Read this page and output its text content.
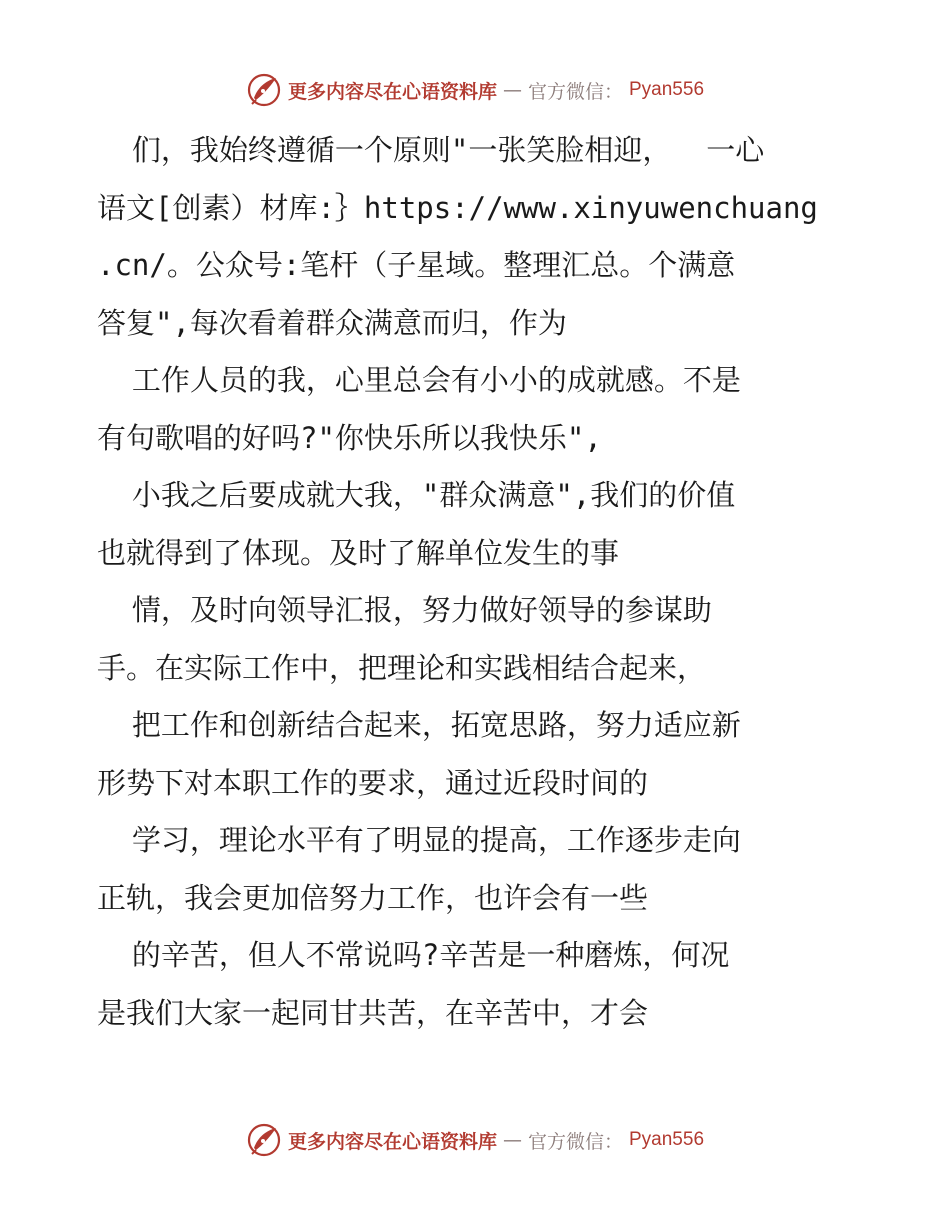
更多内容尽在心语资料库 — 官方微信： Pyan556
们，我始终遵循一个原则"一张笑脸相迎，  一心
语文[创素）材库:｝https://www.xinyuwenchuang
.cn/。公众号:笔杆（子星域。整理汇总。个满意
答复",每次看着群众满意而归，作为
工作人员的我，心里总会有小小的成就感。不是
有句歌唱的好吗?"你快乐所以我快乐",
小我之后要成就大我，"群众满意",我们的价值
也就得到了体现。及时了解单位发生的事
情，及时向领导汇报，努力做好领导的参谋助
手。在实际工作中，把理论和实践相结合起来，
把工作和创新结合起来，拓宽思路，努力适应新
形势下对本职工作的要求，通过近段时间的
学习，理论水平有了明显的提高，工作逐步走向
正轨，我会更加倍努力工作，也许会有一些
的辛苦，但人不常说吗?辛苦是一种磨炼，何况
是我们大家一起同甘共苦，在辛苦中，才会
更多内容尽在心语资料库 — 官方微信： Pyan556
